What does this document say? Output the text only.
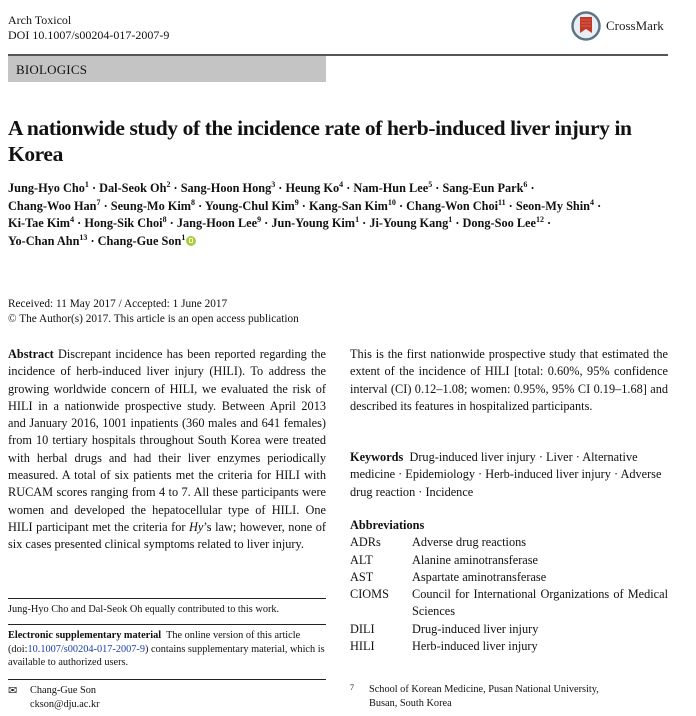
Arch Toxicol
DOI 10.1007/s00204-017-2007-9
CrossMark
BIOLOGICS
A nationwide study of the incidence rate of herb-induced liver injury in Korea
Jung-Hyo Cho$^1$ · Dal-Seok $Oh^2$ · Sang-Hoon Hong$^3$ · Heung $Ko^4 \cdot Nam-Hun$ Lee$^5$ · Sang-Eun Park$^6$ ·
Chang-Woo Han$^7$ · Seung-Mo Kim$^8$ · Young-Chul Kim$^9$ · Kang-San Kim$^{10}$ · Chang-Won Choi$^{11}$ · Seon-My Shin$^4$ ·
Ki-Tae Kim$^4$ · Hong-Sik Choi$^8$ · Jang-Hoon Lee$^9$ · Jun-Young Kim$^1$ · Ji-Young Kang$^1$ · Dong-Soo Lee$^{12}$ ·
Yo-Chan Ahn$^{13}$ · Chang-Gue Son$^1$
Received: 11 May 2017 / Accepted: 1 June 2017
© The Author(s) 2017. This article is an open access publication
Abstract Discrepant incidence has been reported regarding the incidence of herb-induced liver injury (HILI). To address the growing worldwide concern of HILI, we evaluated the risk of HILI in a nationwide prospective study. Between April 2013 and January 2016, 1001 inpatients (360 males and 641 females) from 10 tertiary hospitals throughout South Korea were treated with herbal drugs and had their liver enzymes periodically measured. A total of six patients met the criteria for HILI with RUCAM scores ranging from 4 to 7. All these participants were women and developed the hepatocellular type of HILI. One HILI participant met the criteria for Hy’s law; however, none of six cases presented clinical symptoms related to liver injury.
This is the first nationwide prospective study that estimated the extent of the incidence of HILI [total: 0.60%, 95% confidence interval (CI) 0.12–1.08; women: 0.95%, 95% CI 0.19–1.68] and described its features in hospitalized participants.
Keywords Drug-induced liver injury · Liver · Alternative medicine · Epidemiology · Herb-induced liver injury · Adverse drug reaction · Incidence
Abbreviations
ADRs	Adverse drug reactions
ALT	Alanine aminotransferase
AST	Aspartate aminotransferase
CIOMS	Council for International Organizations of Medical Sciences
DILI	Drug-induced liver injury
HILI	Herb-induced liver injury
Jung-Hyo Cho and Dal-Seok Oh equally contributed to this work.
Electronic supplementary material The online version of this article (doi:10.1007/s00204-017-2007-9) contains supplementary material, which is available to authorized users.
✉	Chang-Gue Son
ckson@dju.ac.kr
7	School of Korean Medicine, Pusan National University,
Busan, South Korea
